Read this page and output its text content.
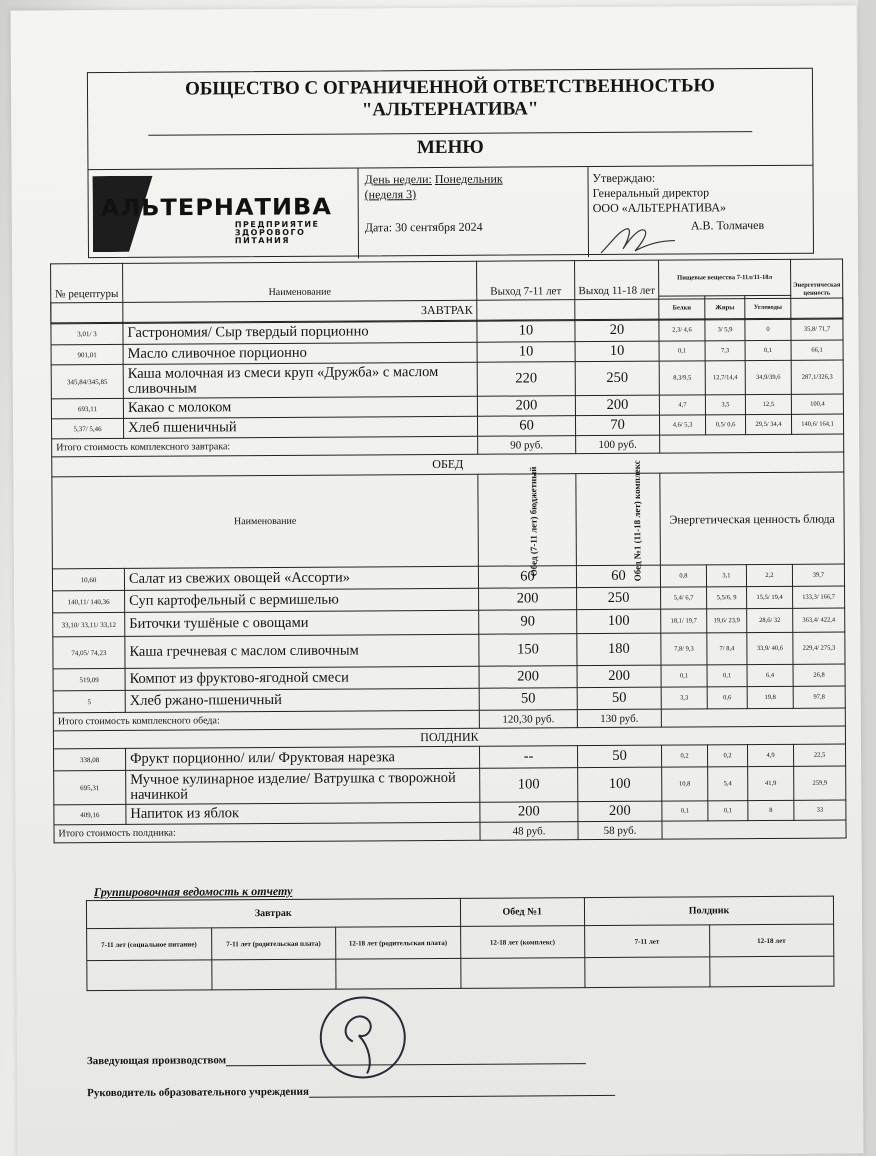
ОБЩЕСТВО С ОГРАНИЧЕННОЙ ОТВЕТСТВЕННОСТЬЮ
"АЛЬТЕРНАТИВА"
МЕНЮ
АЛЬТЕРНАТИВА
ПРЕДПРИЯТИЕ
ЗДОРОВОГО
ПИТАНИЯ
День недели: Понедельник
(неделя 3)
Дата: 30 сентября 2024
Утверждаю:
Генеральный директор
ООО «АЛЬТЕРНАТИВА»
А.В. Толмачев
№ рецептуры	Наименование	Выход 7-11 лет	Выход 11-18 лет	Пищевые вещества 7-11л/11-18л			Энергетическая ценность
				Белки	Жиры	Углеводы	

ЗАВТРАК							
3,01/ 3	Гастрономия/ Сыр твердый порционно	10	20	2,3/ 4,6	3/ 5,9	0	35,8/ 71,7
901,01	Масло сливочное порционно	10	10	0,1	7,3	0,1	66,1
345,84/345,85	Каша молочная из смеси круп «Дружба» с маслом сливочным	220	250	8,3/9,5	12,7/14,4	34,9/39,6	287,1/326,3
693,11	Какао с молоком	200	200	4,7	3,5	12,5	100,4
5,37/ 5,46	Хлеб пшеничный	60	70	4,6/ 5,3	0,5/ 0,6	29,5/ 34,4	140,6/ 164,1
Итого стоимость комплексного завтрака:		90 руб.	100 руб.				
ОБЕД							
Наименование		Обед (7-11 лет) бюджетный	Обед №1 (11-18 лет) комплекс	Энергетическая ценность блюда			
10,60	Салат из свежих овощей «Ассорти»	60	60	0,8	3,1	2,2	39,7
140,11/ 140,36	Суп картофельный с вермишелью	200	250	5,4/ 6,7	5,5/6, 9	15,5/ 19,4	133,3/ 166,7
33,10/ 33,11/ 33,12	Биточки тушёные с овощами	90	100	18,1/ 19,7	19,6/ 23,9	28,6/ 32	363,4/ 422,4
74,05/ 74,23	Каша гречневая с маслом сливочным	150	180	7,8/ 9,3	7/ 8,4	33,9/ 40,6	229,4/ 275,3
519,09	Компот из фруктово-ягодной смеси	200	200	0,1	0,1	6,4	26,8
5	Хлеб ржано-пшеничный	50	50	3,3	0,6	19,8	97,8
Итого стоимость комплексного обеда:		120,30 руб.	130 руб.				
ПОЛДНИК							
338,08	Фрукт порционно/ или/ Фруктовая нарезка	--	50	0,2	0,2	4,9	22,5
695,31	Мучное кулинарное изделие/ Ватрушка с творожной начинкой	100	100	10,8	5,4	41,9	259,9
409,16	Напиток из яблок	200	200	0,1	0,1	8	33
Итого стоимость полдника:		48 руб.	58 руб.				
Группировочная ведомость к отчету
Завтрак			Обед №1	Полдник	
7-11 лет (социальное питание)	7-11 лет (родительская плата)	12-18 лет (родительская плата)	12-18 лет (комплекс)	7-11 лет	12-18 лет

Заведующая производством
Руководитель образовательного учреждения
